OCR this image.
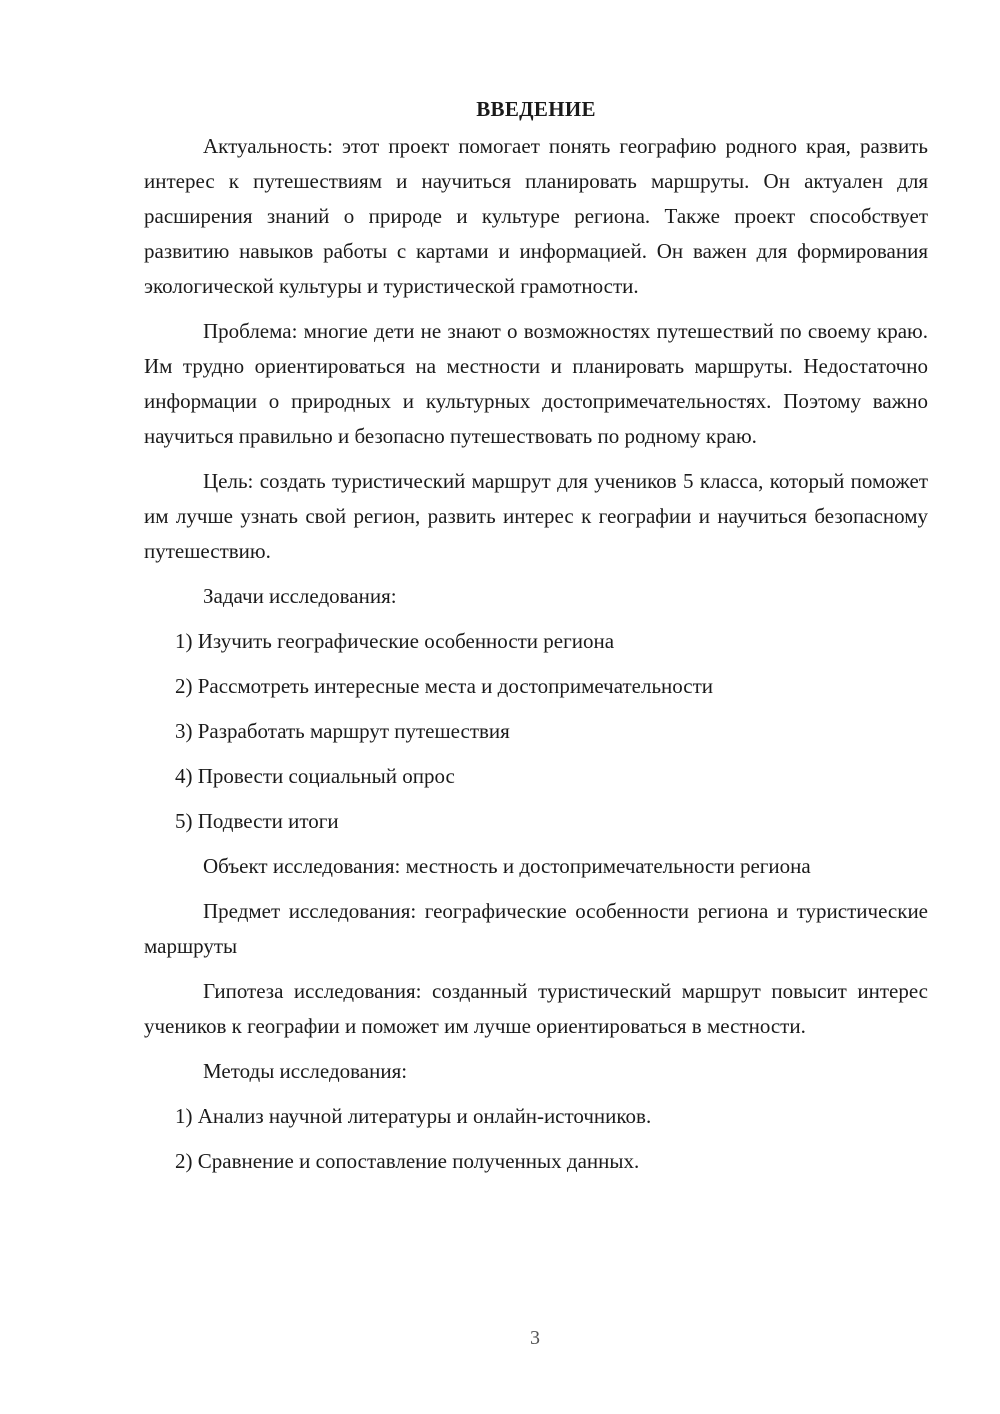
ВВЕДЕНИЕ

Актуальность: этот проект помогает понять географию родного края, развить интерес к путешествиям и научиться планировать маршруты. Он актуален для расширения знаний о природе и культуре региона. Также проект способствует развитию навыков работы с картами и информацией. Он важен для формирования экологической культуры и туристической грамотности.

Проблема: многие дети не знают о возможностях путешествий по своему краю. Им трудно ориентироваться на местности и планировать маршруты. Недостаточно информации о природных и культурных достопримечательностях. Поэтому важно научиться правильно и безопасно путешествовать по родному краю.

Цель: создать туристический маршрут для учеников 5 класса, который поможет им лучше узнать свой регион, развить интерес к географии и научиться безопасному путешествию.

Задачи исследования:

1) Изучить географические особенности региона

2) Рассмотреть интересные места и достопримечательности

3) Разработать маршрут путешествия

4) Провести социальный опрос

5) Подвести итоги

Объект исследования: местность и достопримечательности региона

Предмет исследования: географические особенности региона и туристические маршруты

Гипотеза исследования: созданный туристический маршрут повысит интерес учеников к географии и поможет им лучше ориентироваться в местности.

Методы исследования:

1) Анализ научной литературы и онлайн-источников.

2) Сравнение и сопоставление полученных данных.

3
